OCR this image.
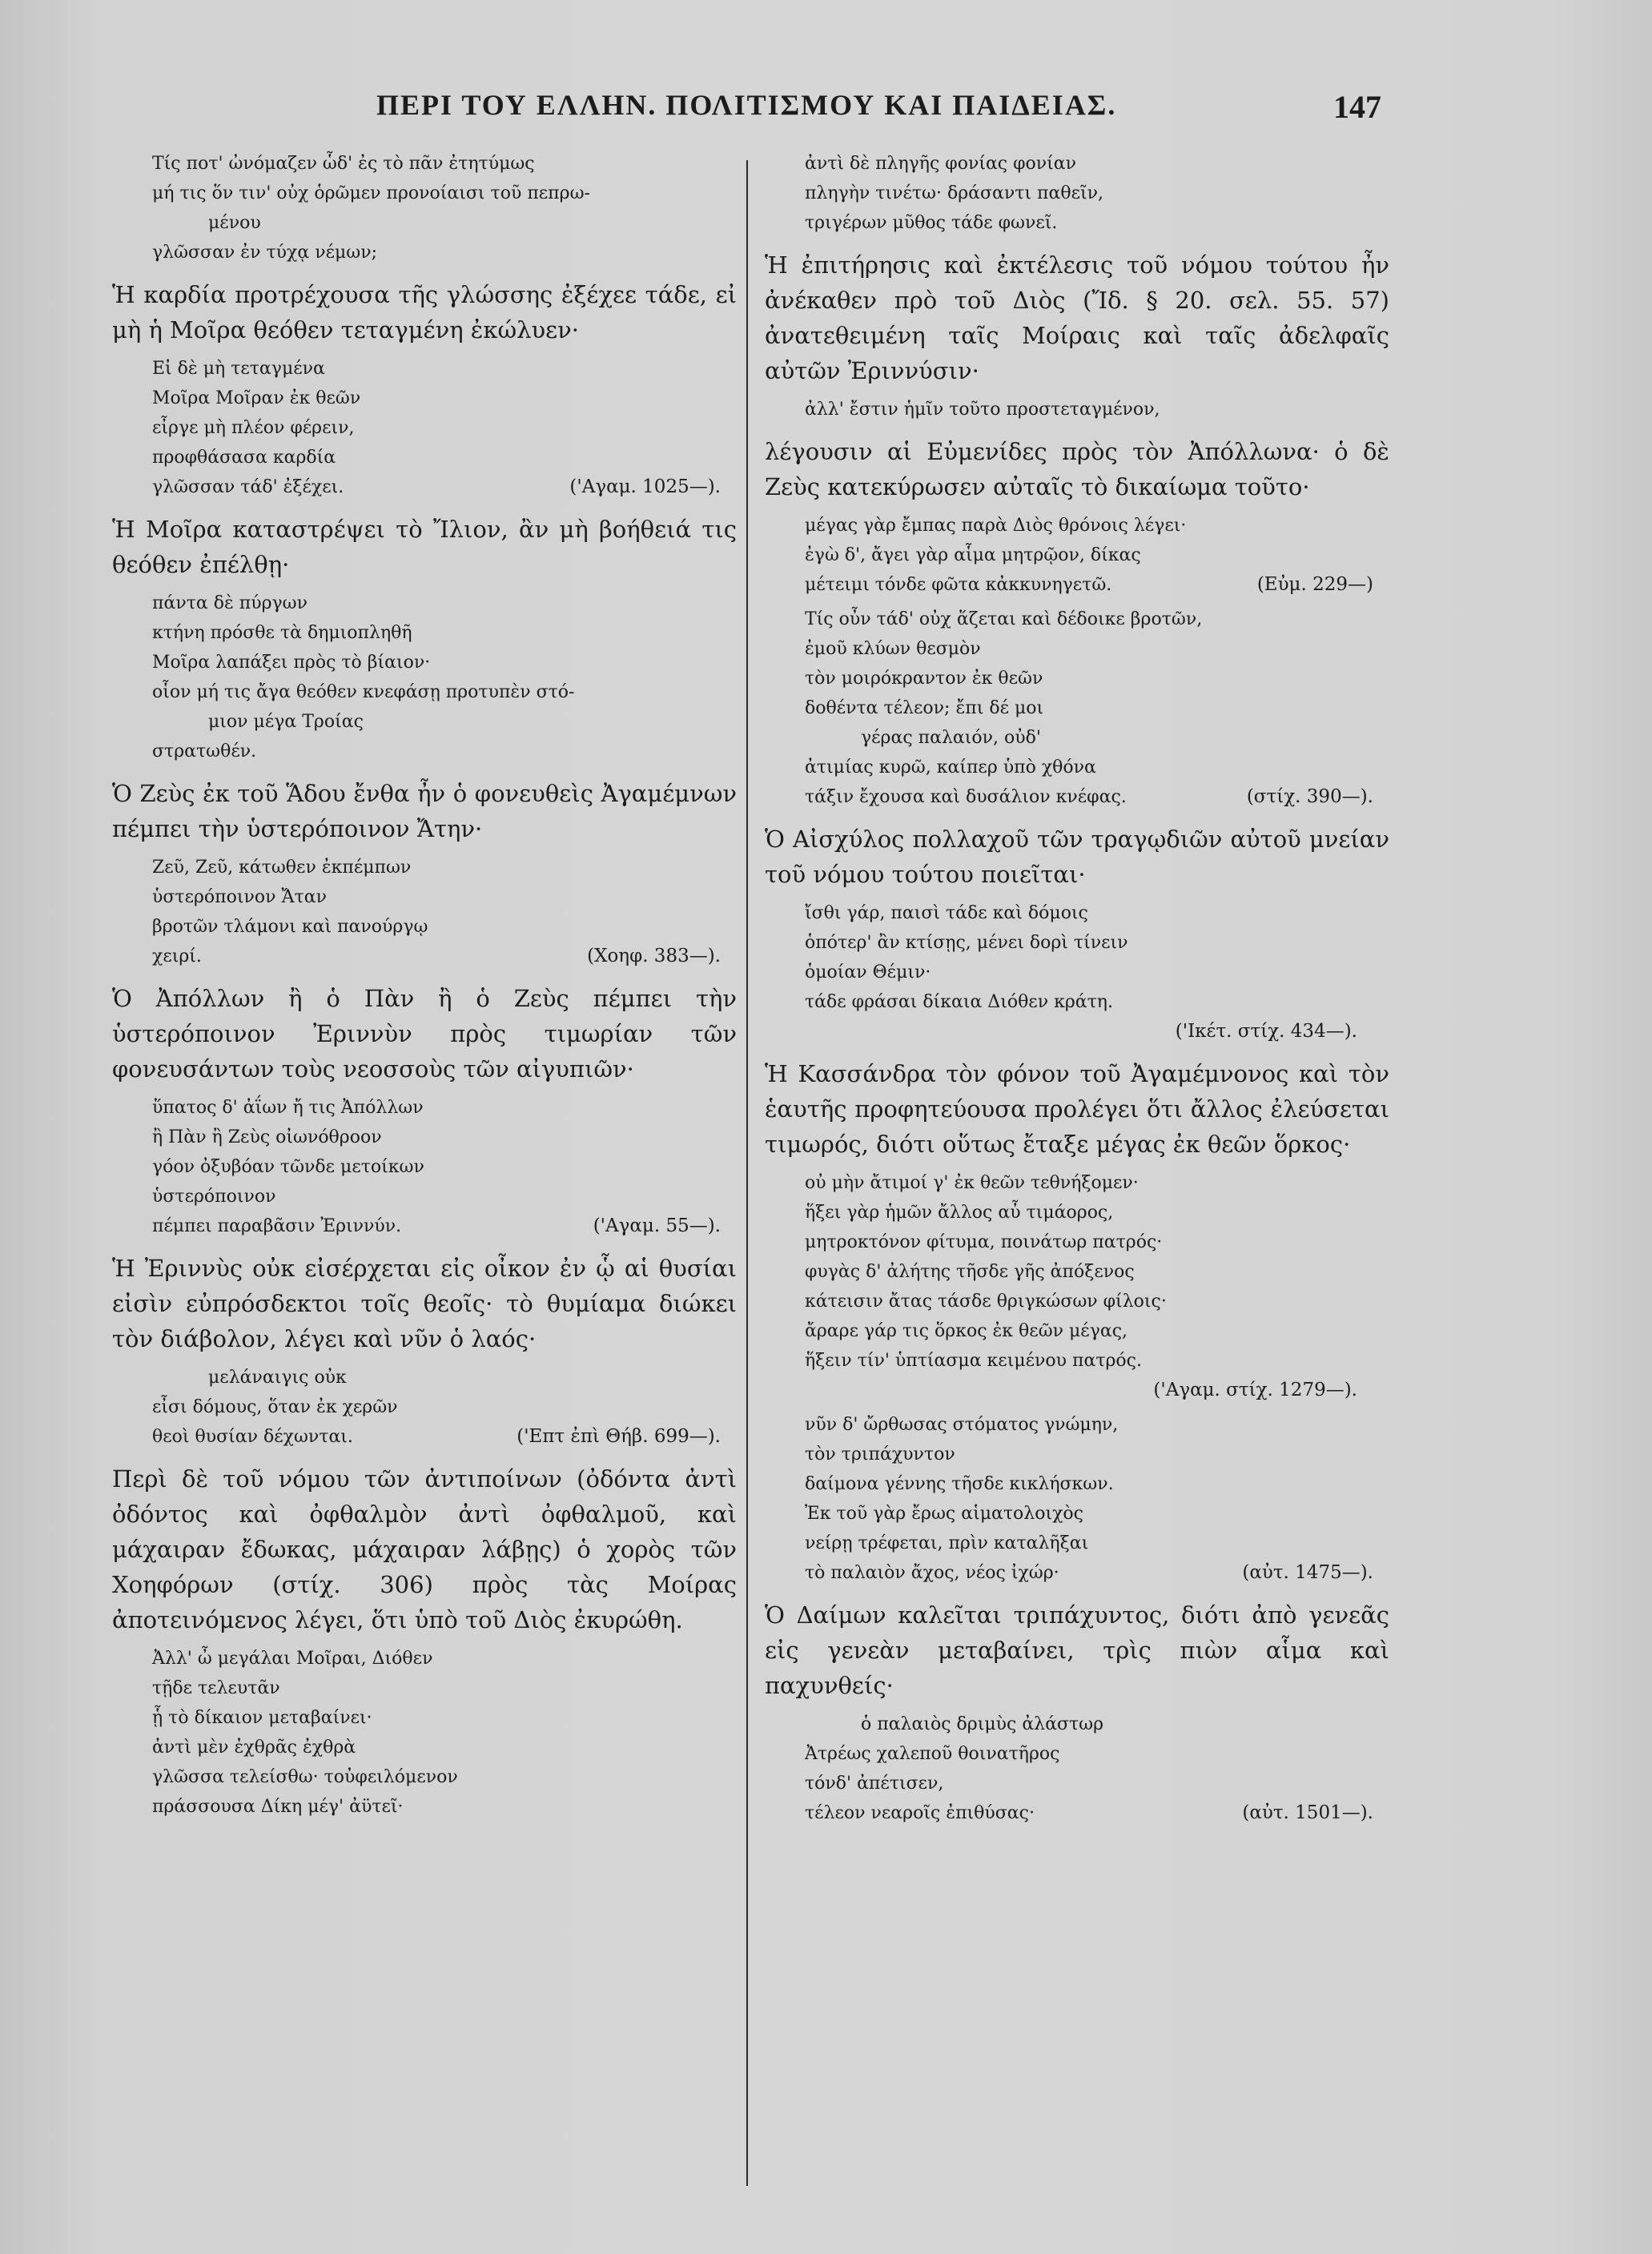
ΠΕΡΙ ΤΟΥ ΕΛΛΗΝ. ΠΟΛΙΤΙΣΜΟΥ ΚΑΙ ΠΑΙΔΕΙΑΣ.	147
Τίς ποτ' ὠνόμαζεν ὧδ' ἐς τὸ πᾶν ἐτητύμως
μή τις ὅν τιν' οὐχ ὁρῶμεν προνοίαισι τοῦ πεπρω-
μένου
γλῶσσαν ἐν τύχᾳ νέμων;

Ἡ καρδία προτρέχουσα τῆς γλώσσης ἐξέχεε τάδε, εἰ μὴ ἡ Μοῖρα θεόθεν τεταγμένη ἐκώλυεν·

Εἰ δὲ μὴ τεταγμένα
Μοῖρα Μοῖραν ἐκ θεῶν
εἶργε μὴ πλέον φέρειν,
προφθάσασα καρδία
γλῶσσαν τάδ' ἐξέχει.	('Αγαμ. 1025—).

Ἡ Μοῖρα καταστρέψει τὸ Ἴλιον, ἂν μὴ βοήθειά τις θεόθεν ἐπέλθῃ·

πάντα δὲ πύργων
κτήνη πρόσθε τὰ δημιοπληθῆ
Μοῖρα λαπάξει πρὸς τὸ βίαιον·
οἷον μή τις ἄγα θεόθεν κνεφάσῃ προτυπὲν στό-
μιον μέγα Τροίας
στρατωθέν.

Ὁ Ζεὺς ἐκ τοῦ Ἅδου ἔνθα ἦν ὁ φονευθεὶς Ἀγαμέμνων πέμπει τὴν ὑστερόποινον Ἄτην·

Ζεῦ, Ζεῦ, κάτωθεν ἐκπέμπων
ὑστερόποινον Ἄταν
βροτῶν τλάμονι καὶ πανούργῳ
χειρί.	(Χοηφ. 383—).

Ὁ Ἀπόλλων ἢ ὁ Πὰν ἢ ὁ Ζεὺς πέμπει τὴν ὑστερόποινον Ἐριννὺν πρὸς τιμωρίαν τῶν φονευσάντων τοὺς νεοσσοὺς τῶν αἰγυπιῶν·

ὕπατος δ' ἀΐων ἤ τις Ἀπόλλων
ἢ Πὰν ἢ Ζεὺς οἰωνόθροον
γόον ὀξυβόαν τῶνδε μετοίκων
ὑστερόποινον
πέμπει παραβᾶσιν Ἐριννύν.	('Αγαμ. 55—).

Ἡ Ἐριννὺς οὐκ εἰσέρχεται εἰς οἶκον ἐν ᾧ αἱ θυσίαι εἰσὶν εὐπρόσδεκτοι τοῖς θεοῖς· τὸ θυμίαμα διώκει τὸν διάβολον, λέγει καὶ νῦν ὁ λαός·

μελάναιγις οὐκ
εἶσι δόμους, ὅταν ἐκ χερῶν
θεοὶ θυσίαν δέχωνται.	('Επτ ἐπὶ Θήβ. 699—).

Περὶ δὲ τοῦ νόμου τῶν ἀντιποίνων (ὀδόντα ἀντὶ ὀδόντος καὶ ὀφθαλμὸν ἀντὶ ὀφθαλμοῦ, καὶ μάχαιραν ἔδωκας, μάχαιραν λάβῃς) ὁ χορὸς τῶν Χοηφόρων (στίχ. 306) πρὸς τὰς Μοίρας ἀποτεινόμενος λέγει, ὅτι ὑπὸ τοῦ Διὸς ἐκυρώθη.

Ἀλλ' ὦ μεγάλαι Μοῖραι, Διόθεν
τῇδε τελευτᾶν
ᾗ τὸ δίκαιον μεταβαίνει·
ἀντὶ μὲν ἐχθρᾶς ἐχθρὰ
γλῶσσα τελείσθω· τοὐφειλόμενον
πράσσουσα Δίκη μέγ' ἀϋτεῖ·
ἀντὶ δὲ πληγῆς φονίας φονίαν
πληγὴν τινέτω· δράσαντι παθεῖν,
τριγέρων μῦθος τάδε φωνεῖ.

Ἡ ἐπιτήρησις καὶ ἐκτέλεσις τοῦ νόμου τούτου ἦν ἀνέκαθεν πρὸ τοῦ Διὸς (Ἴδ. § 20. σελ. 55. 57) ἀνατεθειμένη ταῖς Μοίραις καὶ ταῖς ἀδελφαῖς αὐτῶν Ἐριννύσιν·

ἀλλ' ἔστιν ἡμῖν τοῦτο προστεταγμένον,

λέγουσιν αἱ Εὐμενίδες πρὸς τὸν Ἀπόλλωνα· ὁ δὲ Ζεὺς κατεκύρωσεν αὐταῖς τὸ δικαίωμα τοῦτο·

μέγας γὰρ ἔμπας παρὰ Διὸς θρόνοις λέγει·
ἐγὼ δ', ἄγει γὰρ αἷμα μητρῷον, δίκας
μέτειμι τόνδε φῶτα κἀκκυνηγετῶ.	(Εὐμ. 229—)
Τίς οὖν τάδ' οὐχ ἅζεται καὶ δέδοικε βροτῶν,
ἐμοῦ κλύων θεσμὸν
τὸν μοιρόκραντον ἐκ θεῶν
δοθέντα τέλεον; ἔπι δέ μοι
γέρας παλαιόν, οὐδ'
ἀτιμίας κυρῶ, καίπερ ὑπὸ χθόνα
τάξιν ἔχουσα καὶ δυσάλιον κνέφας.	(στίχ. 390—).

Ὁ Αἰσχύλος πολλαχοῦ τῶν τραγῳδιῶν αὐτοῦ μνείαν τοῦ νόμου τούτου ποιεῖται·

ἴσθι γάρ, παισὶ τάδε καὶ δόμοις
ὁπότερ' ἂν κτίσῃς, μένει δορὶ τίνειν
ὁμοίαν Θέμιν·
τάδε φράσαι δίκαια Διόθεν κράτη.
('Ικέτ. στίχ. 434—).

Ἡ Κασσάνδρα τὸν φόνον τοῦ Ἀγαμέμνονος καὶ τὸν ἑαυτῆς προφητεύουσα προλέγει ὅτι ἄλλος ἐλεύσεται τιμωρός, διότι οὕτως ἔταξε μέγας ἐκ θεῶν ὅρκος·

οὐ μὴν ἄτιμοί γ' ἐκ θεῶν τεθνήξομεν·
ἥξει γὰρ ἡμῶν ἄλλος αὖ τιμάορος,
μητροκτόνον φίτυμα, ποινάτωρ πατρός·
φυγὰς δ' ἀλήτης τῆσδε γῆς ἀπόξενος
κάτεισιν ἄτας τάσδε θριγκώσων φίλοις·
ἄραρε γάρ τις ὅρκος ἐκ θεῶν μέγας,
ἥξειν τίν' ὑπτίασμα κειμένου πατρός.
('Αγαμ. στίχ. 1279—).
νῦν δ' ὤρθωσας στόματος γνώμην,
τὸν τριπάχυντον
δαίμονα γέννης τῆσδε κικλήσκων.
Ἐκ τοῦ γὰρ ἔρως αἱματολοιχὸς
νείρῃ τρέφεται, πρὶν καταλῆξαι
τὸ παλαιὸν ἄχος, νέος ἰχώρ·	(αὐτ. 1475—).

Ὁ Δαίμων καλεῖται τριπάχυντος, διότι ἀπὸ γενεᾶς εἰς γενεὰν μεταβαίνει, τρὶς πιὼν αἷμα καὶ παχυνθείς·

ὁ παλαιὸς δριμὺς ἀλάστωρ
Ἀτρέως χαλεποῦ θοινατῆρος
τόνδ' ἀπέτισεν,
τέλεον νεαροῖς ἐπιθύσας·	(αὐτ. 1501—).
